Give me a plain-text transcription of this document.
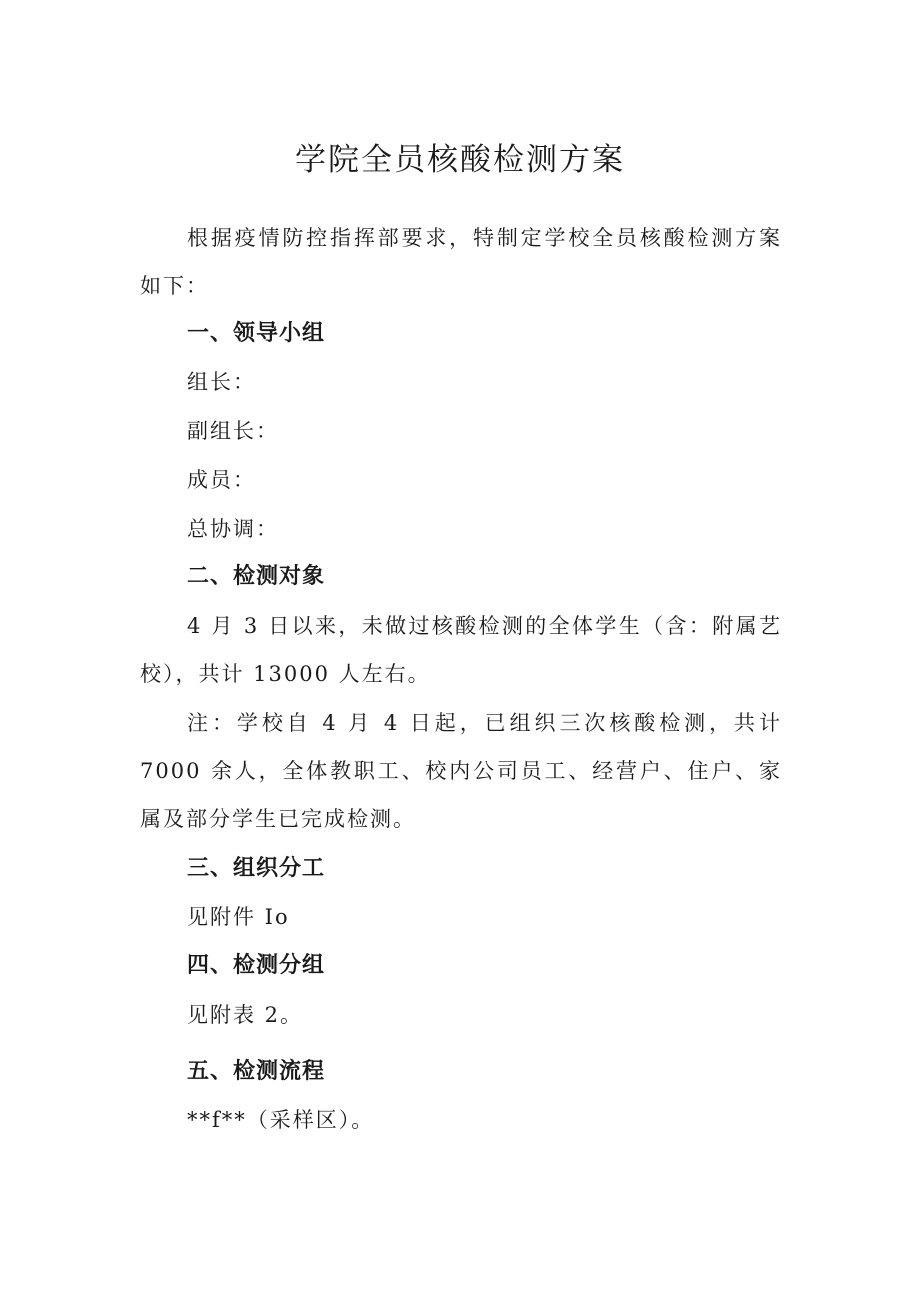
学院全员核酸检测方案

根据疫情防控指挥部要求，特制定学校全员核酸检测方案如下：

一、领导小组

组长：

副组长：

成员：

总协调：

二、检测对象

4 月 3 日以来，未做过核酸检测的全体学生（含：附属艺校），共计 13000 人左右。

注：学校自 4 月 4 日起，已组织三次核酸检测，共计 7000 余人，全体教职工、校内公司员工、经营户、住户、家属及部分学生已完成检测。

三、组织分工

见附件 Io

四、检测分组

见附表 2。

五、检测流程

**f**（采样区）。
